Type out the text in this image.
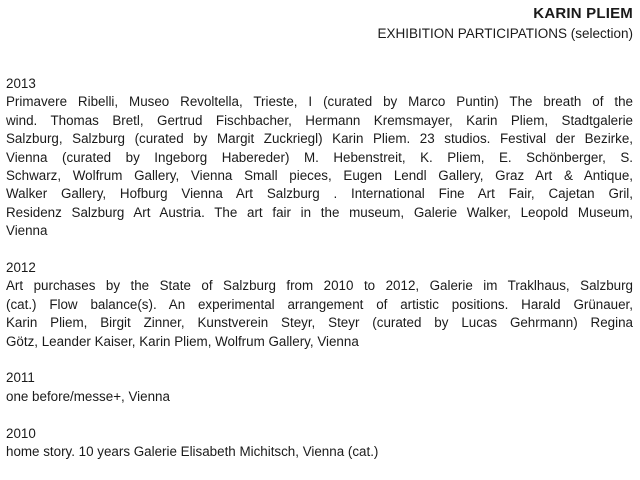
KARIN PLIEM
EXHIBITION PARTICIPATIONS (selection)
2013
Primavere Ribelli, Museo Revoltella, Trieste, I (curated by Marco Puntin) The breath of the
wind. Thomas Bretl, Gertrud Fischbacher, Hermann Kremsmayer, Karin Pliem, Stadtgalerie
Salzburg, Salzburg (curated by Margit Zuckriegl) Karin Pliem. 23 studios. Festival der Bezirke,
Vienna (curated by Ingeborg Habereder) M. Hebenstreit, K. Pliem, E. Schönberger, S.
Schwarz, Wolfrum Gallery, Vienna Small pieces, Eugen Lendl Gallery, Graz Art & Antique,
Walker Gallery, Hofburg Vienna Art Salzburg . International Fine Art Fair, Cajetan Gril,
Residenz Salzburg Art Austria. The art fair in the museum, Galerie Walker, Leopold Museum,
Vienna
2012
Art purchases by the State of Salzburg from 2010 to 2012, Galerie im Traklhaus, Salzburg
(cat.) Flow balance(s). An experimental arrangement of artistic positions. Harald Grünauer,
Karin Pliem, Birgit Zinner, Kunstverein Steyr, Steyr (curated by Lucas Gehrmann) Regina
Götz, Leander Kaiser, Karin Pliem, Wolfrum Gallery, Vienna
2011
one before/messe+, Vienna
2010
home story. 10 years Galerie Elisabeth Michitsch, Vienna (cat.)
